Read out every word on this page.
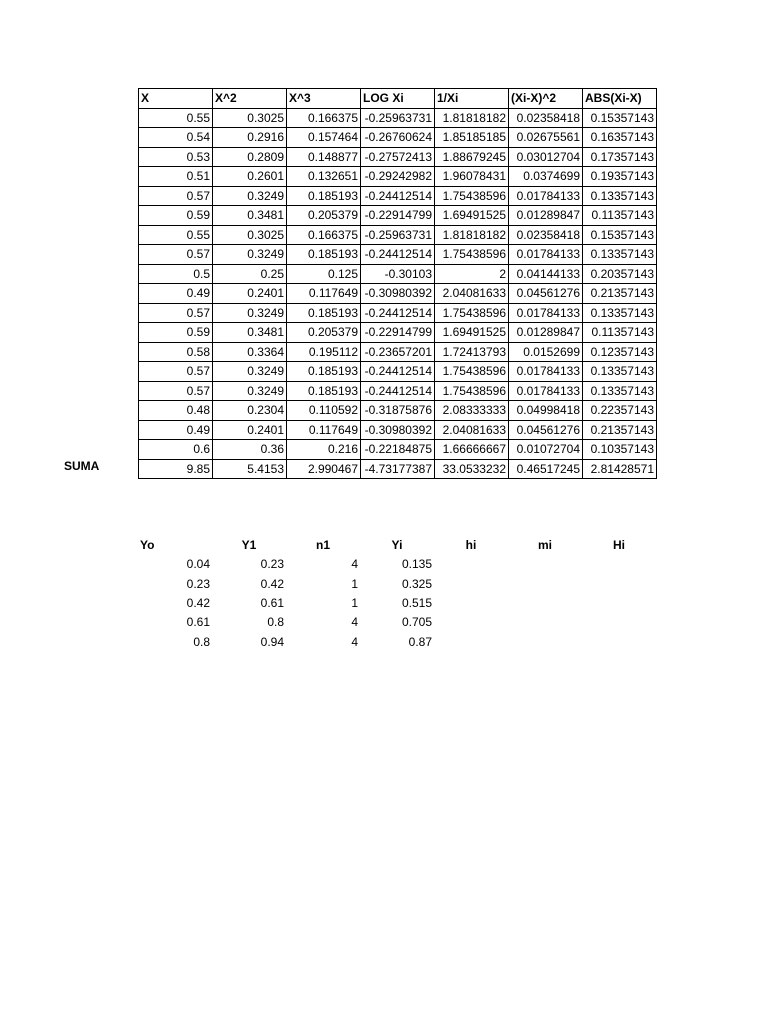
X	X^2	X^3	LOG Xi	1/Xi	(Xi-X)^2	ABS(Xi-X)
0.55	0.3025	0.166375	-0.25963731	1.81818182	0.02358418	0.15357143
0.54	0.2916	0.157464	-0.26760624	1.85185185	0.02675561	0.16357143
0.53	0.2809	0.148877	-0.27572413	1.88679245	0.03012704	0.17357143
0.51	0.2601	0.132651	-0.29242982	1.96078431	0.0374699	0.19357143
0.57	0.3249	0.185193	-0.24412514	1.75438596	0.01784133	0.13357143
0.59	0.3481	0.205379	-0.22914799	1.69491525	0.01289847	0.11357143
0.55	0.3025	0.166375	-0.25963731	1.81818182	0.02358418	0.15357143
0.57	0.3249	0.185193	-0.24412514	1.75438596	0.01784133	0.13357143
0.5	0.25	0.125	-0.30103	2	0.04144133	0.20357143
0.49	0.2401	0.117649	-0.30980392	2.04081633	0.04561276	0.21357143
0.57	0.3249	0.185193	-0.24412514	1.75438596	0.01784133	0.13357143
0.59	0.3481	0.205379	-0.22914799	1.69491525	0.01289847	0.11357143
0.58	0.3364	0.195112	-0.23657201	1.72413793	0.0152699	0.12357143
0.57	0.3249	0.185193	-0.24412514	1.75438596	0.01784133	0.13357143
0.57	0.3249	0.185193	-0.24412514	1.75438596	0.01784133	0.13357143
0.48	0.2304	0.110592	-0.31875876	2.08333333	0.04998418	0.22357143
0.49	0.2401	0.117649	-0.30980392	2.04081633	0.04561276	0.21357143
0.6	0.36	0.216	-0.22184875	1.66666667	0.01072704	0.10357143
9.85	5.4153	2.990467	-4.73177387	33.0533232	0.46517245	2.81428571
SUMA
Yo	Y1	n1	Yi	hi	mi	Hi
0.04	0.23	4	0.135			
0.23	0.42	1	0.325			
0.42	0.61	1	0.515			
0.61	0.8	4	0.705			
0.8	0.94	4	0.87			
